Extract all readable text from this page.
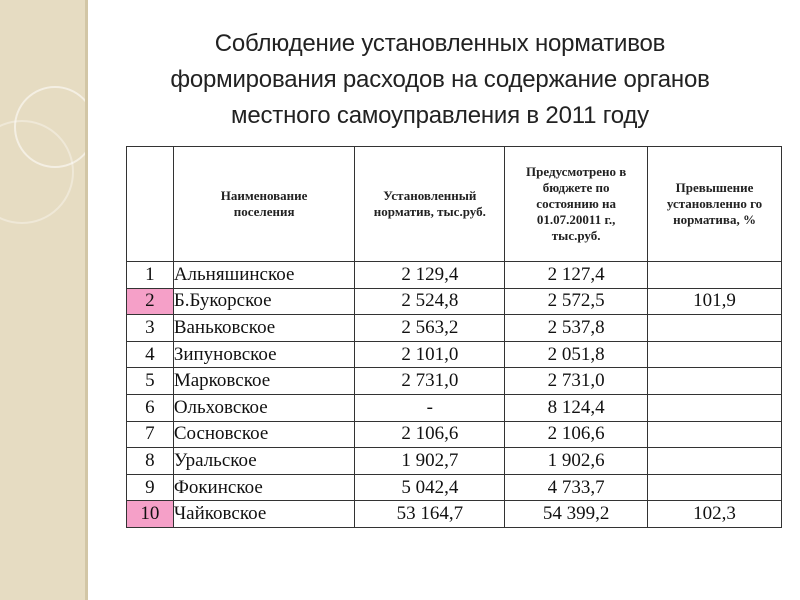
Соблюдение установленных нормативов
формирования расходов на содержание органов
местного самоуправления в 2011 году
	Наименование поселения	Установленный норматив, тыс.руб.	Предусмотрено в бюджете по состоянию на 01.07.20011 г., тыс.руб.	Превышение установленно го норматива, %
1	Альняшинское	2 129,4	2 127,4	
2	Б.Букорское	2 524,8	2 572,5	101,9
3	Ваньковское	2 563,2	2 537,8	
4	Зипуновское	2 101,0	2 051,8	
5	Марковское	2 731,0	2 731,0	
6	Ольховское	-	8 124,4	
7	Сосновское	2 106,6	2 106,6	
8	Уральское	1 902,7	1 902,6	
9	Фокинское	5 042,4	4 733,7	
10	Чайковское	53 164,7	54 399,2	102,3
